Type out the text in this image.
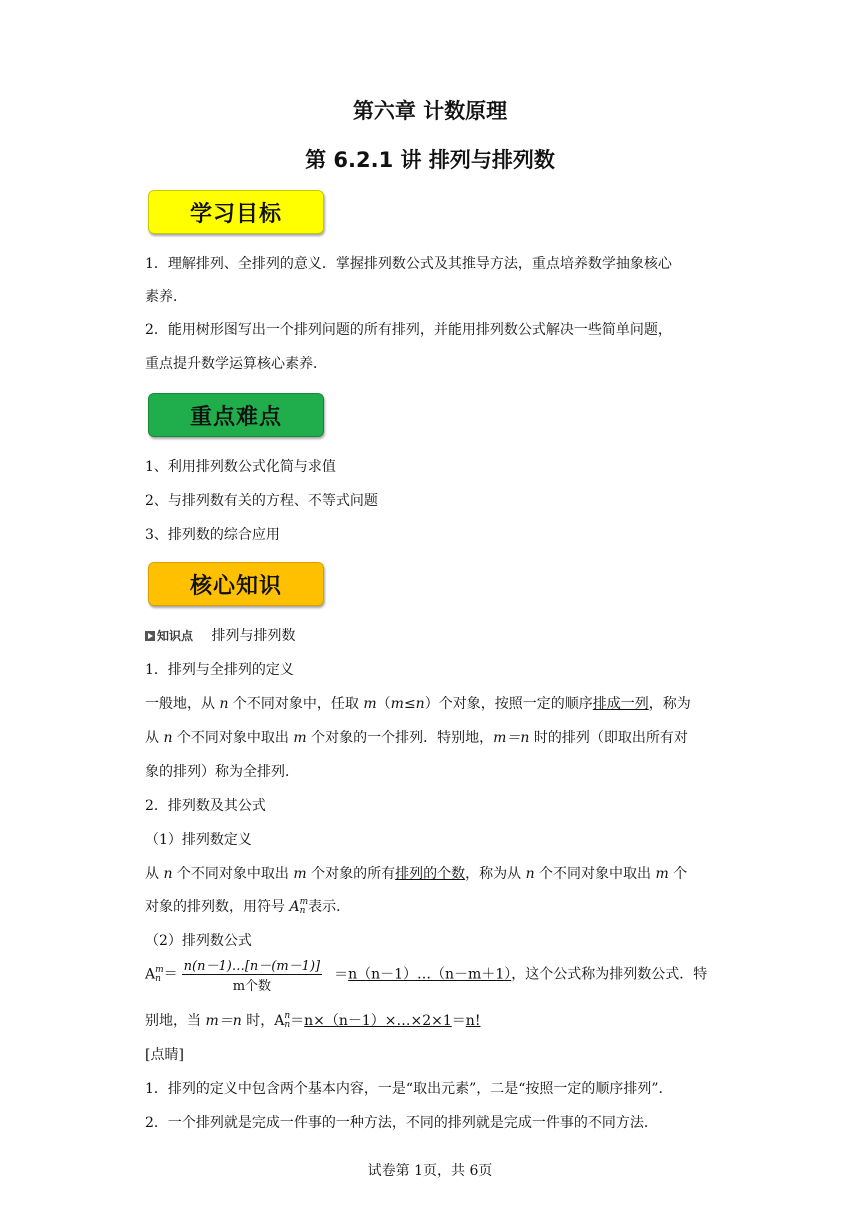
第六章 计数原理
第 6.2.1 讲 排列与排列数
学习目标
1．理解排列、全排列的意义．掌握排列数公式及其推导方法，重点培养数学抽象核心
素养．
2．能用树形图写出一个排列问题的所有排列，并能用排列数公式解决一些简单问题，
重点提升数学运算核心素养．
重点难点
1、利用排列数公式化简与求值
2、与排列数有关的方程、不等式问题
3、排列数的综合应用
核心知识
知识点 排列与排列数
1．排列与全排列的定义
一般地，从 n 个不同对象中，任取 m（m≤n）个对象，按照一定的顺序排成一列，称为
从 n 个不同对象中取出 m 个对象的一个排列．特别地，m＝n 时的排列（即取出所有对
象的排列）称为全排列．
2．排列数及其公式
（1）排列数定义
从 n 个不同对象中取出 m 个对象的所有排列的个数，称为从 n 个不同对象中取出 m 个
对象的排列数，用符号 A m
n 表示．
（2）排列数公式
A m
$n = \frac{n(n-1)\dots[n-(m-1)]}{\text{m个数}}$ ＝n（n－1）…（n－m＋1），这个公式称为排列数公式．特
别地，当 m＝n 时，A n
n ＝n×（n－1）×…×2×1＝n!
[点睛]
1．排列的定义中包含两个基本内容，一是“取出元素”，二是“按照一定的顺序排列”．
2．一个排列就是完成一件事的一种方法，不同的排列就是完成一件事的不同方法．
试卷第 1页，共 6页
